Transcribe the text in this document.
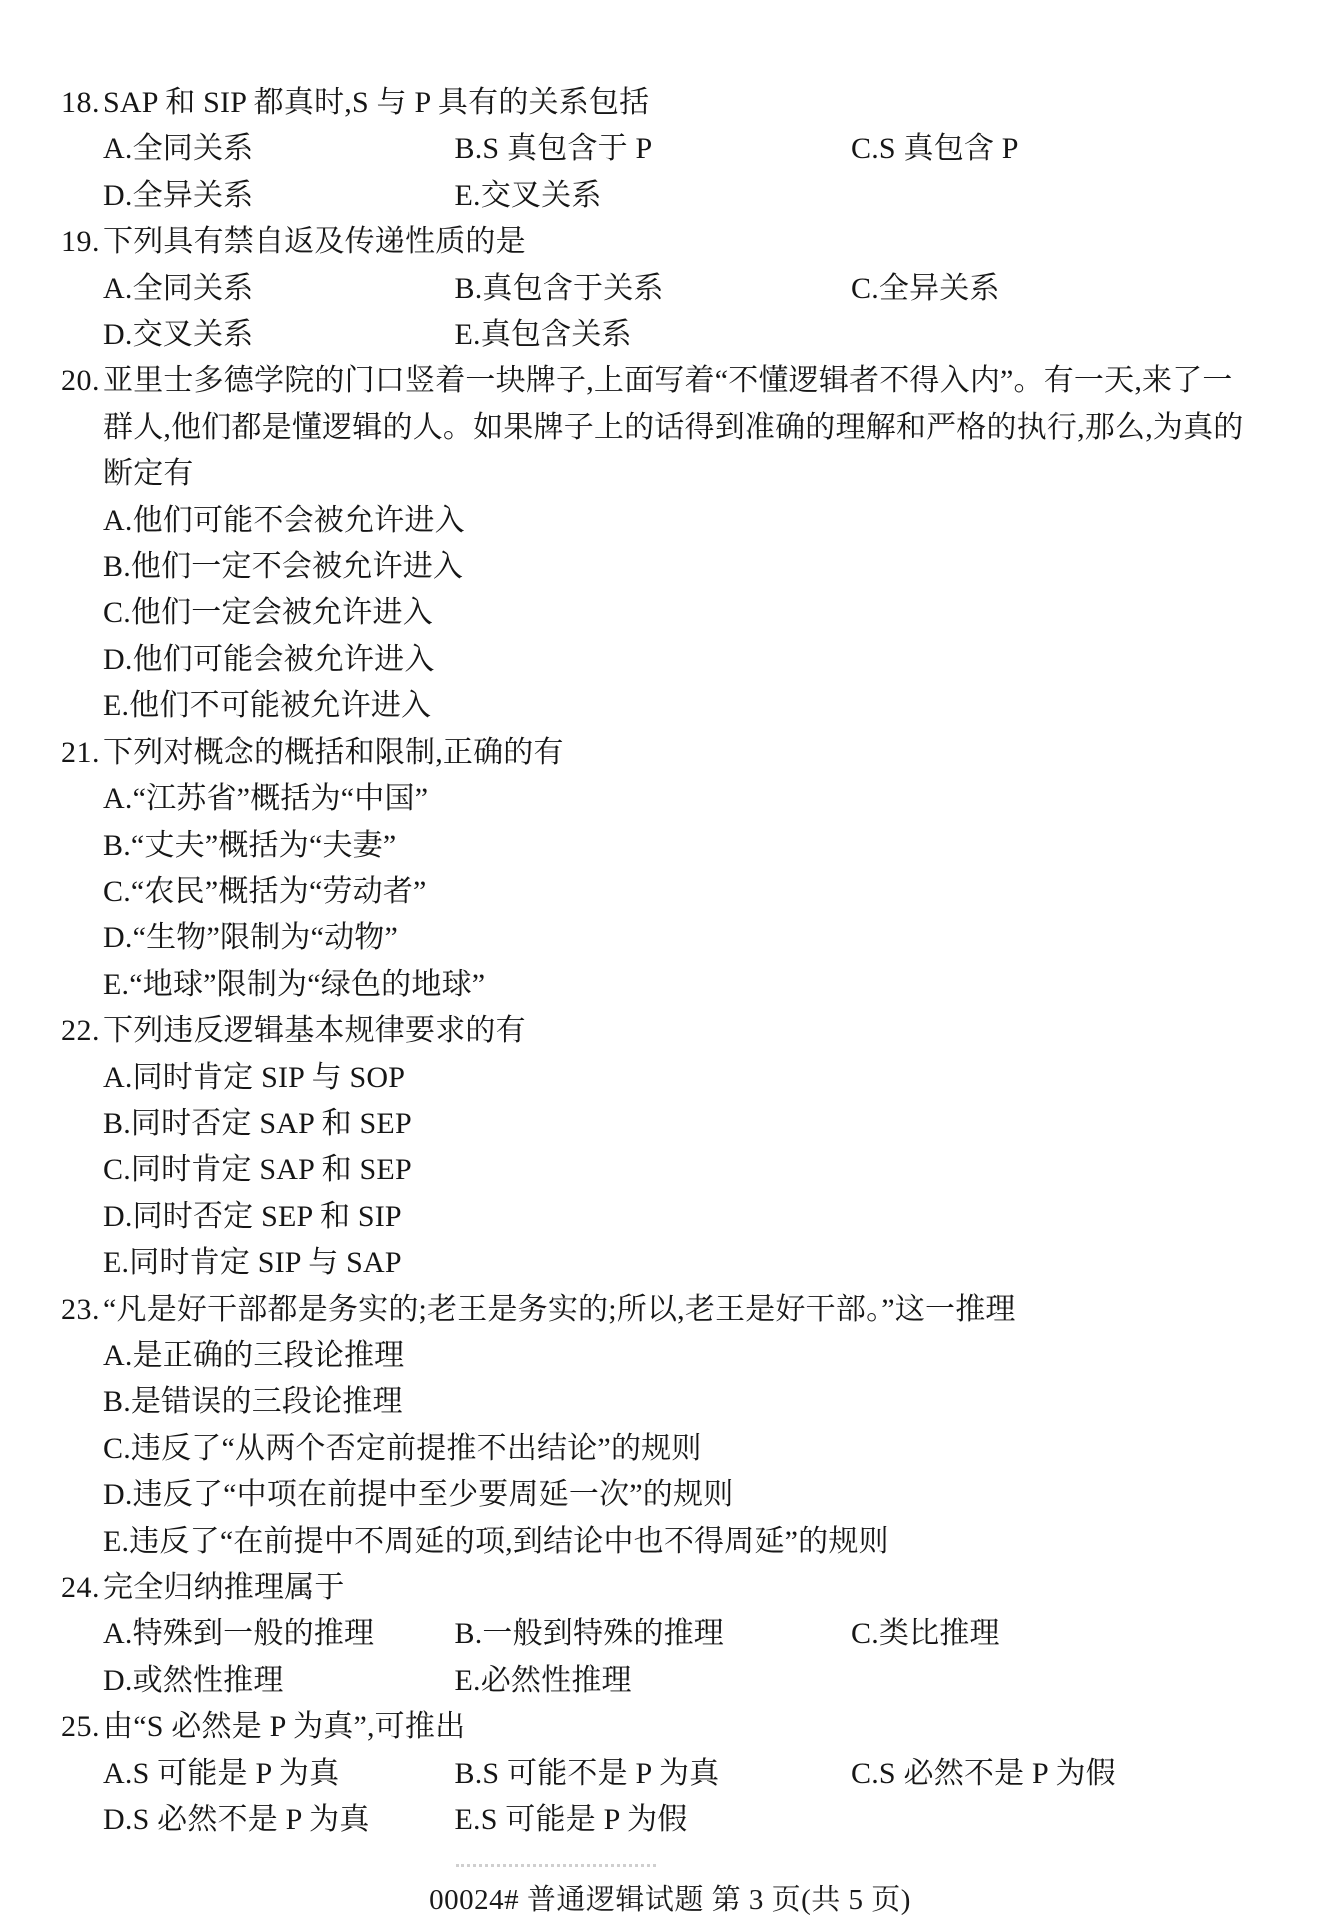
18. SAP 和 SIP 都真时,S 与 P 具有的关系包括
A.全同关系	B.S 真包含于 P	C.S 真包含 P
D.全异关系	E.交叉关系
19. 下列具有禁自返及传递性质的是
A.全同关系	B.真包含于关系	C.全异关系
D.交叉关系	E.真包含关系
20. 亚里士多德学院的门口竖着一块牌子,上面写着“不懂逻辑者不得入内”。有一天,来了一
群人,他们都是懂逻辑的人。如果牌子上的话得到准确的理解和严格的执行,那么,为真的
断定有
A.他们可能不会被允许进入
B.他们一定不会被允许进入
C.他们一定会被允许进入
D.他们可能会被允许进入
E.他们不可能被允许进入
21. 下列对概念的概括和限制,正确的有
A.“江苏省”概括为“中国”
B.“丈夫”概括为“夫妻”
C.“农民”概括为“劳动者”
D.“生物”限制为“动物”
E.“地球”限制为“绿色的地球”
22. 下列违反逻辑基本规律要求的有
A.同时肯定 SIP 与 SOP
B.同时否定 SAP 和 SEP
C.同时肯定 SAP 和 SEP
D.同时否定 SEP 和 SIP
E.同时肯定 SIP 与 SAP
23. “凡是好干部都是务实的;老王是务实的;所以,老王是好干部。”这一推理
A.是正确的三段论推理
B.是错误的三段论推理
C.违反了“从两个否定前提推不出结论”的规则
D.违反了“中项在前提中至少要周延一次”的规则
E.违反了“在前提中不周延的项,到结论中也不得周延”的规则
24. 完全归纳推理属于
A.特殊到一般的推理	B.一般到特殊的推理	C.类比推理
D.或然性推理	E.必然性推理
25. 由“S 必然是 P 为真”,可推出
A.S 可能是 P 为真	B.S 可能不是 P 为真	C.S 必然不是 P 为假
D.S 必然不是 P 为真	E.S 可能是 P 为假
00024# 普通逻辑试题 第 3 页(共 5 页)
